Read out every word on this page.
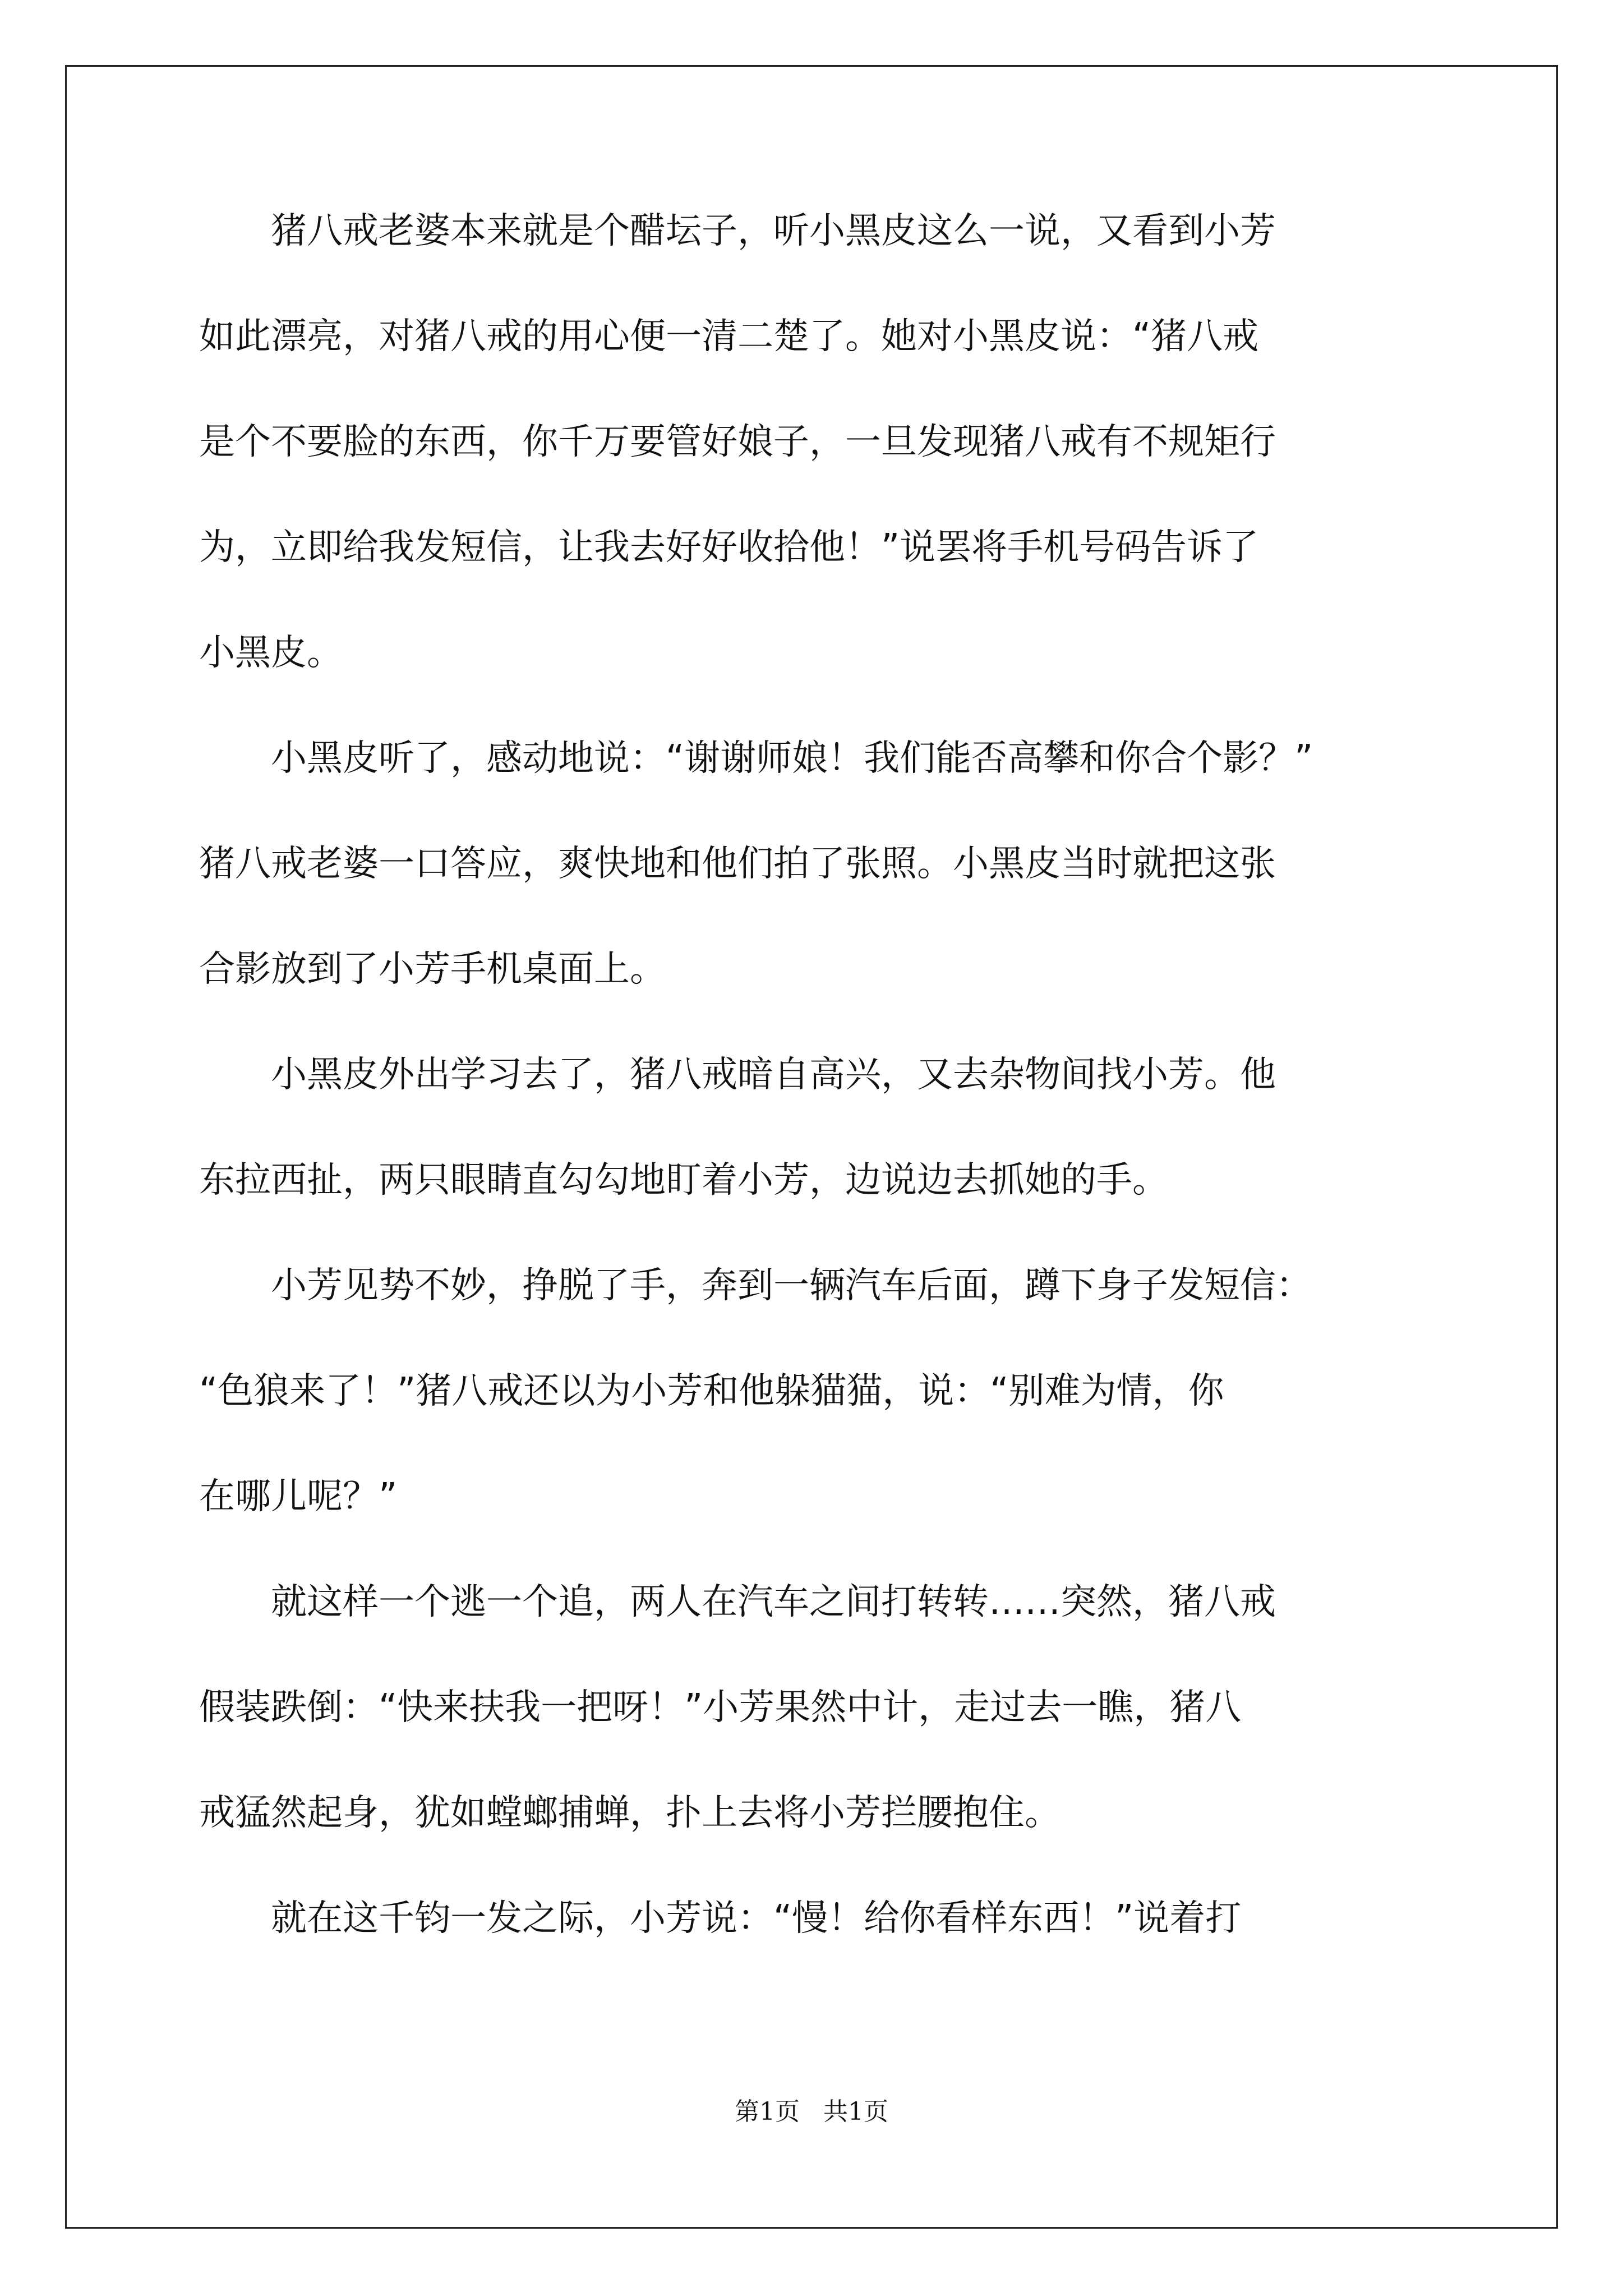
　　猪八戒老婆本来就是个醋坛子，听小黑皮这么一说，又看到小芳
如此漂亮，对猪八戒的用心便一清二楚了。她对小黑皮说：“猪八戒
是个不要脸的东西，你千万要管好娘子，一旦发现猪八戒有不规矩行
为，立即给我发短信，让我去好好收拾他！”说罢将手机号码告诉了
小黑皮。
　　小黑皮听了，感动地说：“谢谢师娘！我们能否高攀和你合个影？”
猪八戒老婆一口答应，爽快地和他们拍了张照。小黑皮当时就把这张
合影放到了小芳手机桌面上。
　　小黑皮外出学习去了，猪八戒暗自高兴，又去杂物间找小芳。他
东拉西扯，两只眼睛直勾勾地盯着小芳，边说边去抓她的手。
　　小芳见势不妙，挣脱了手，奔到一辆汽车后面，蹲下身子发短信：
“色狼来了！”猪八戒还以为小芳和他躲猫猫，说：“别难为情，你
在哪儿呢？”
　　就这样一个逃一个追，两人在汽车之间打转转……突然，猪八戒
假装跌倒：“快来扶我一把呀！”小芳果然中计，走过去一瞧，猪八
戒猛然起身，犹如螳螂捕蝉，扑上去将小芳拦腰抱住。
　　就在这千钧一发之际，小芳说：“慢！给你看样东西！”说着打
第1页   共1页
